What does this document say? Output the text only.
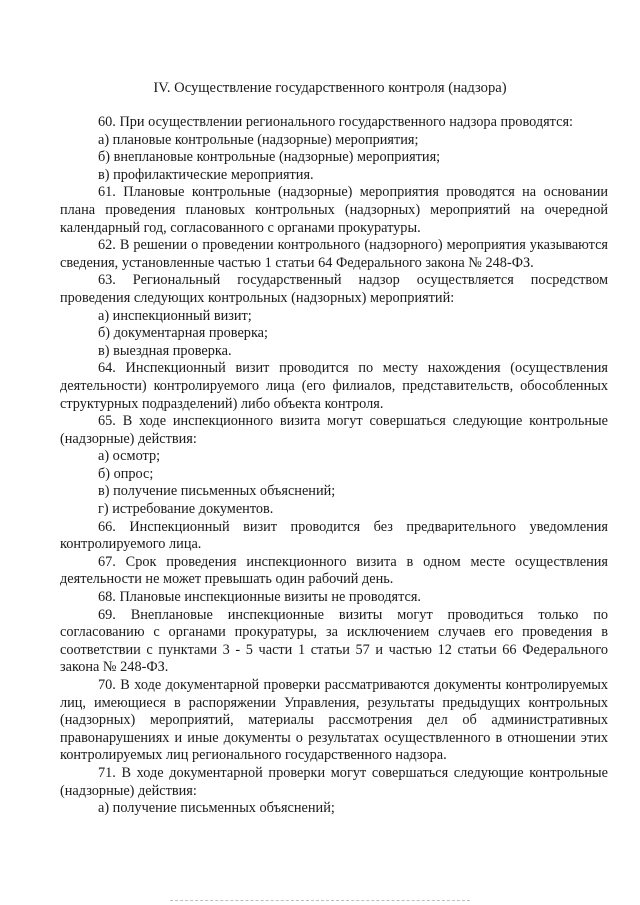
IV. Осуществление государственного контроля (надзора)

60. При осуществлении регионального государственного надзора проводятся:

а) плановые контрольные (надзорные) мероприятия;

б) внеплановые контрольные (надзорные) мероприятия;

в) профилактические мероприятия.

61. Плановые контрольные (надзорные) мероприятия проводятся на основании плана проведения плановых контрольных (надзорных) мероприятий на очередной календарный год, согласованного с органами прокуратуры.

62. В решении о проведении контрольного (надзорного) мероприятия указываются сведения, установленные частью 1 статьи 64 Федерального закона № 248-ФЗ.

63. Региональный государственный надзор осуществляется посредством проведения следующих контрольных (надзорных) мероприятий:

а) инспекционный визит;

б) документарная проверка;

в) выездная проверка.

64. Инспекционный визит проводится по месту нахождения (осуществления деятельности) контролируемого лица (его филиалов, представительств, обособленных структурных подразделений) либо объекта контроля.

65. В ходе инспекционного визита могут совершаться следующие контрольные (надзорные) действия:

а) осмотр;

б) опрос;

в) получение письменных объяснений;

г) истребование документов.

66. Инспекционный визит проводится без предварительного уведомления контролируемого лица.

67. Срок проведения инспекционного визита в одном месте осуществления деятельности не может превышать один рабочий день.

68. Плановые инспекционные визиты не проводятся.

69. Внеплановые инспекционные визиты могут проводиться только по согласованию с органами прокуратуры, за исключением случаев его проведения в соответствии с пунктами 3 - 5 части 1 статьи 57 и частью 12 статьи 66 Федерального закона № 248-ФЗ.

70. В ходе документарной проверки рассматриваются документы контролируемых лиц, имеющиеся в распоряжении Управления, результаты предыдущих контрольных (надзорных) мероприятий, материалы рассмотрения дел об административных правонарушениях и иные документы о результатах осуществленного в отношении этих контролируемых лиц регионального государственного надзора.

71. В ходе документарной проверки могут совершаться следующие контрольные (надзорные) действия:

а) получение письменных объяснений;
